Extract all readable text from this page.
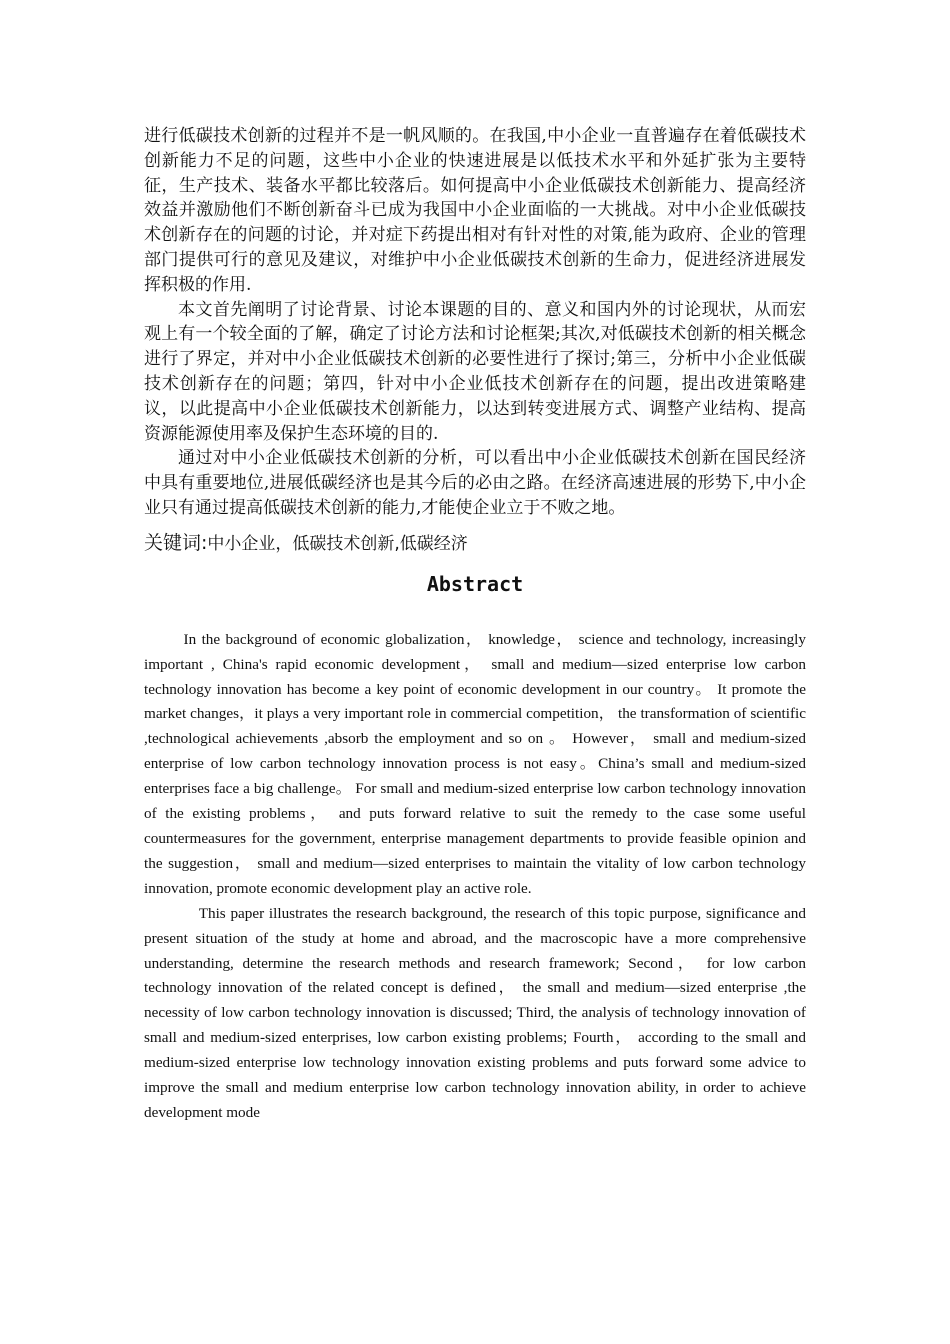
进行低碳技术创新的过程并不是一帆风顺的。在我国,中小企业一直普遍存在着低碳技术创新能力不足的问题，这些中小企业的快速进展是以低技术水平和外延扩张为主要特征，生产技术、装备水平都比较落后。如何提高中小企业低碳技术创新能力、提高经济效益并激励他们不断创新奋斗已成为我国中小企业面临的一大挑战。对中小企业低碳技术创新存在的问题的讨论，并对症下药提出相对有针对性的对策,能为政府、企业的管理部门提供可行的意见及建议，对维护中小企业低碳技术创新的生命力，促进经济进展发挥积极的作用.

本文首先阐明了讨论背景、讨论本课题的目的、意义和国内外的讨论现状，从而宏观上有一个较全面的了解，确定了讨论方法和讨论框架;其次,对低碳技术创新的相关概念进行了界定，并对中小企业低碳技术创新的必要性进行了探讨;第三，分析中小企业低碳技术创新存在的问题；第四，针对中小企业低技术创新存在的问题，提出改进策略建议，以此提高中小企业低碳技术创新能力，以达到转变进展方式、调整产业结构、提高资源能源使用率及保护生态环境的目的.

通过对中小企业低碳技术创新的分析，可以看出中小企业低碳技术创新在国民经济中具有重要地位,进展低碳经济也是其今后的必由之路。在经济高速进展的形势下,中小企业只有通过提高低碳技术创新的能力,才能使企业立于不败之地。

关键词:中小企业，低碳技术创新,低碳经济

Abstract

In the background of economic globalization， knowledge， science and technology, increasingly important , China's rapid economic development， small and medium—sized enterprise low carbon technology innovation has become a key point of economic development in our country。 It promote the market changes，it plays a very important role in commercial competition， the transformation of scientific ,technological achievements ,absorb the employment and so on 。 However， small and medium-sized enterprise of low carbon technology innovation process is not easy。China’s small and medium-sized enterprises face a big challenge。 For small and medium-sized enterprise low carbon technology innovation of the existing problems， and puts forward relative to suit the remedy to the case some useful countermeasures for the government, enterprise management departments to provide feasible opinion and the suggestion， small and medium—sized enterprises to maintain the vitality of low carbon technology innovation, promote economic development play an active role.

This paper illustrates the research background, the research of this topic purpose, significance and present situation of the study at home and abroad, and the macroscopic have a more comprehensive understanding, determine the research methods and research framework; Second， for low carbon technology innovation of the related concept is defined， the small and medium—sized enterprise ,the necessity of low carbon technology innovation is discussed; Third, the analysis of technology innovation of small and medium-sized enterprises, low carbon existing problems; Fourth， according to the small and medium-sized enterprise low technology innovation existing problems and puts forward some advice to improve the small and medium enterprise low carbon technology innovation ability, in order to achieve development mode
